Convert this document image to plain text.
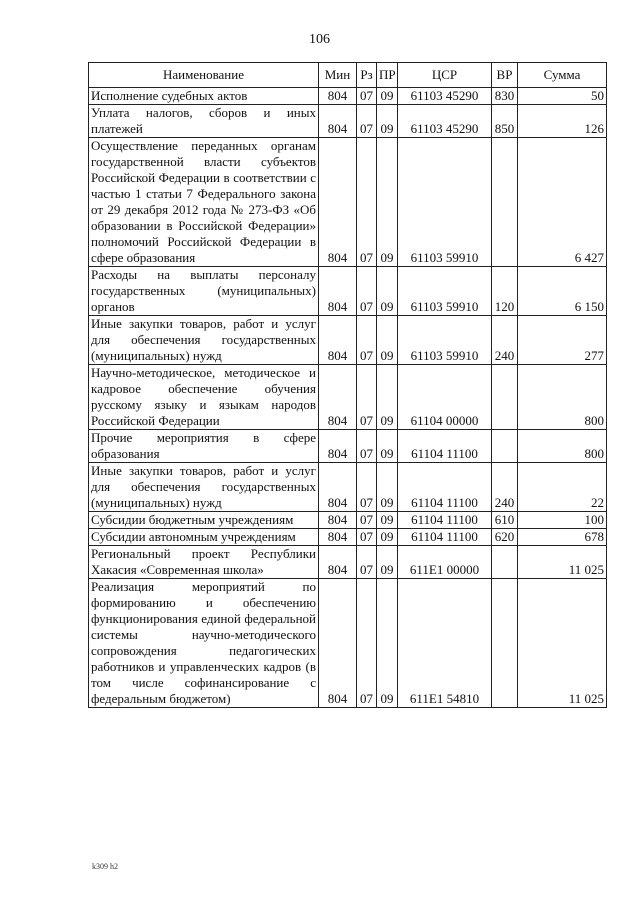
106
Наименование	Мин	Рз	ПР	ЦСР	ВР	Сумма
Исполнение судебных актов	804	07	09	61103 45290	830	50
Уплата налогов, сборов и иных платежей	804	07	09	61103 45290	850	126
Осуществление переданных органам государственной власти субъектов Российской Федерации в соответствии с частью 1 статьи 7 Федерального закона от 29 декабря 2012 года № 273-ФЗ «Об образовании в Российской Федерации» полномочий Российской Федерации в сфере образования	804	07	09	61103 59910		6 427
Расходы на выплаты персоналу государственных (муниципальных) органов	804	07	09	61103 59910	120	6 150
Иные закупки товаров, работ и услуг для обеспечения государственных (муниципальных) нужд	804	07	09	61103 59910	240	277
Научно-методическое, методическое и кадровое обеспечение обучения русскому языку и языкам народов Российской Федерации	804	07	09	61104 00000		800
Прочие мероприятия в сфере образования	804	07	09	61104 11100		800
Иные закупки товаров, работ и услуг для обеспечения государственных (муниципальных) нужд	804	07	09	61104 11100	240	22
Субсидии бюджетным учреждениям	804	07	09	61104 11100	610	100
Субсидии автономным учреждениям	804	07	09	61104 11100	620	678
Региональный проект Республики Хакасия «Современная школа»	804	07	09	611E1 00000		11 025
Реализация мероприятий по формированию и обеспечению функционирования единой федеральной системы научно-методического сопровождения педагогических работников и управленческих кадров (в том числе софинансирование с федеральным бюджетом)	804	07	09	611E1 54810		11 025
k309 h2
